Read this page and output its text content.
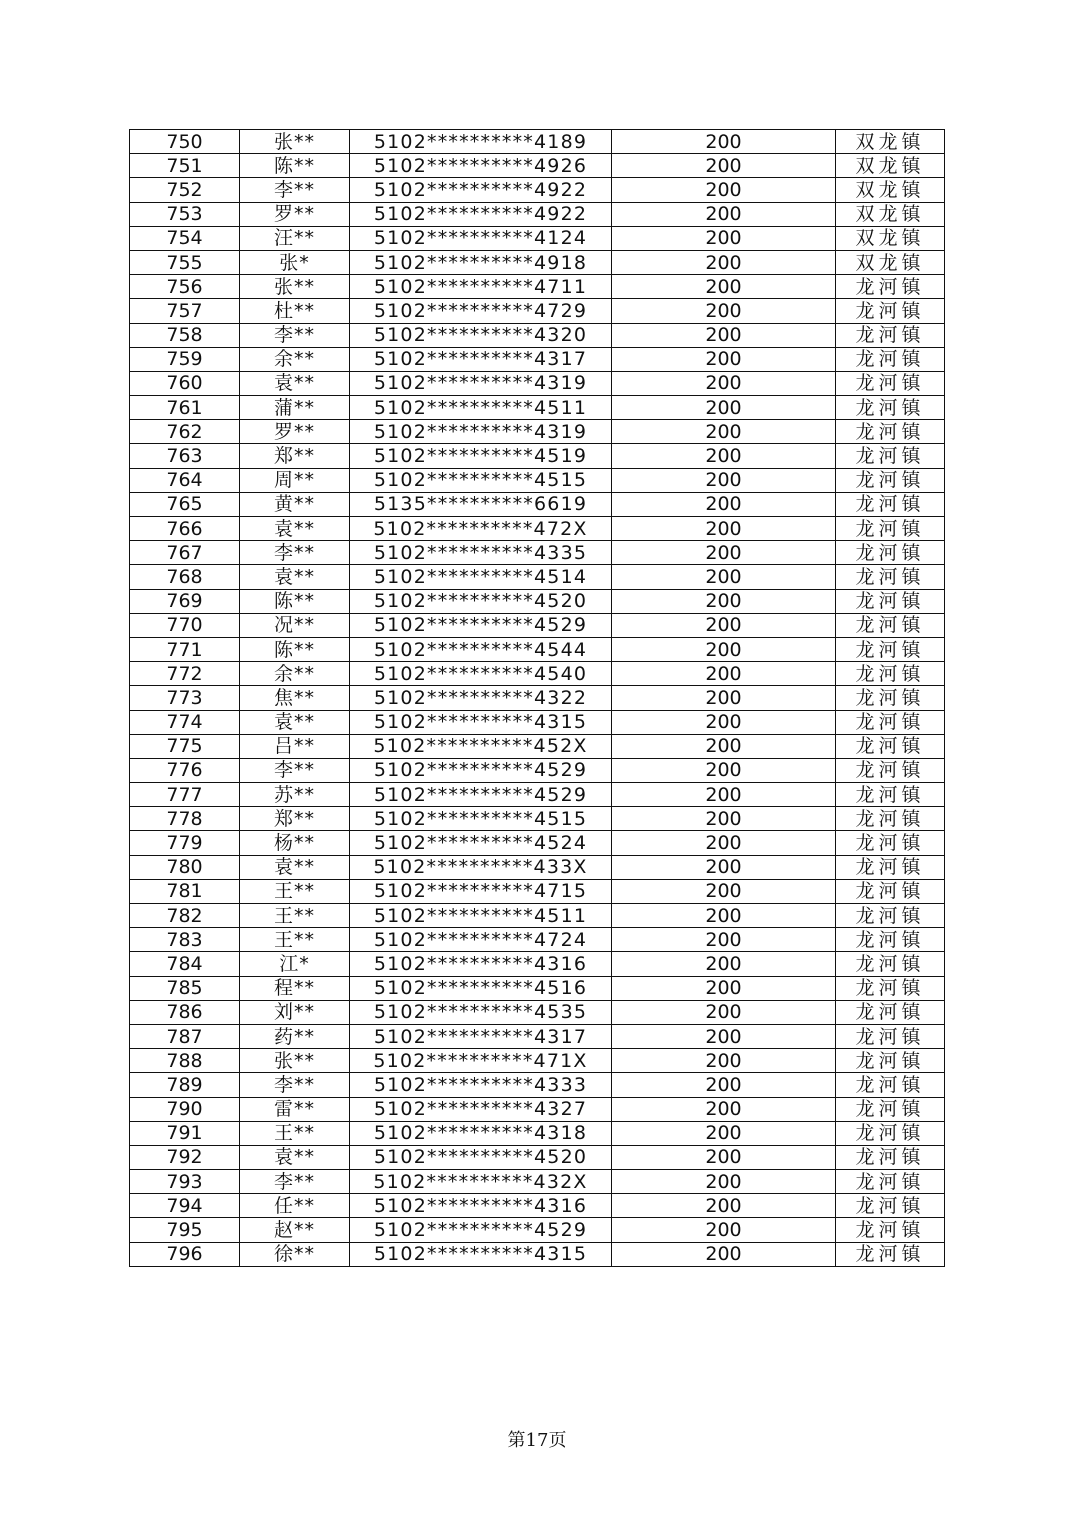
750	张**	5102**********4189	200	双龙镇
751	陈**	5102**********4926	200	双龙镇
752	李**	5102**********4922	200	双龙镇
753	罗**	5102**********4922	200	双龙镇
754	汪**	5102**********4124	200	双龙镇
755	张*	5102**********4918	200	双龙镇
756	张**	5102**********4711	200	龙河镇
757	杜**	5102**********4729	200	龙河镇
758	李**	5102**********4320	200	龙河镇
759	余**	5102**********4317	200	龙河镇
760	袁**	5102**********4319	200	龙河镇
761	蒲**	5102**********4511	200	龙河镇
762	罗**	5102**********4319	200	龙河镇
763	郑**	5102**********4519	200	龙河镇
764	周**	5102**********4515	200	龙河镇
765	黄**	5135**********6619	200	龙河镇
766	袁**	5102**********472X	200	龙河镇
767	李**	5102**********4335	200	龙河镇
768	袁**	5102**********4514	200	龙河镇
769	陈**	5102**********4520	200	龙河镇
770	况**	5102**********4529	200	龙河镇
771	陈**	5102**********4544	200	龙河镇
772	余**	5102**********4540	200	龙河镇
773	焦**	5102**********4322	200	龙河镇
774	袁**	5102**********4315	200	龙河镇
775	吕**	5102**********452X	200	龙河镇
776	李**	5102**********4529	200	龙河镇
777	苏**	5102**********4529	200	龙河镇
778	郑**	5102**********4515	200	龙河镇
779	杨**	5102**********4524	200	龙河镇
780	袁**	5102**********433X	200	龙河镇
781	王**	5102**********4715	200	龙河镇
782	王**	5102**********4511	200	龙河镇
783	王**	5102**********4724	200	龙河镇
784	江*	5102**********4316	200	龙河镇
785	程**	5102**********4516	200	龙河镇
786	刘**	5102**********4535	200	龙河镇
787	药**	5102**********4317	200	龙河镇
788	张**	5102**********471X	200	龙河镇
789	李**	5102**********4333	200	龙河镇
790	雷**	5102**********4327	200	龙河镇
791	王**	5102**********4318	200	龙河镇
792	袁**	5102**********4520	200	龙河镇
793	李**	5102**********432X	200	龙河镇
794	任**	5102**********4316	200	龙河镇
795	赵**	5102**********4529	200	龙河镇
796	徐**	5102**********4315	200	龙河镇
第17页
